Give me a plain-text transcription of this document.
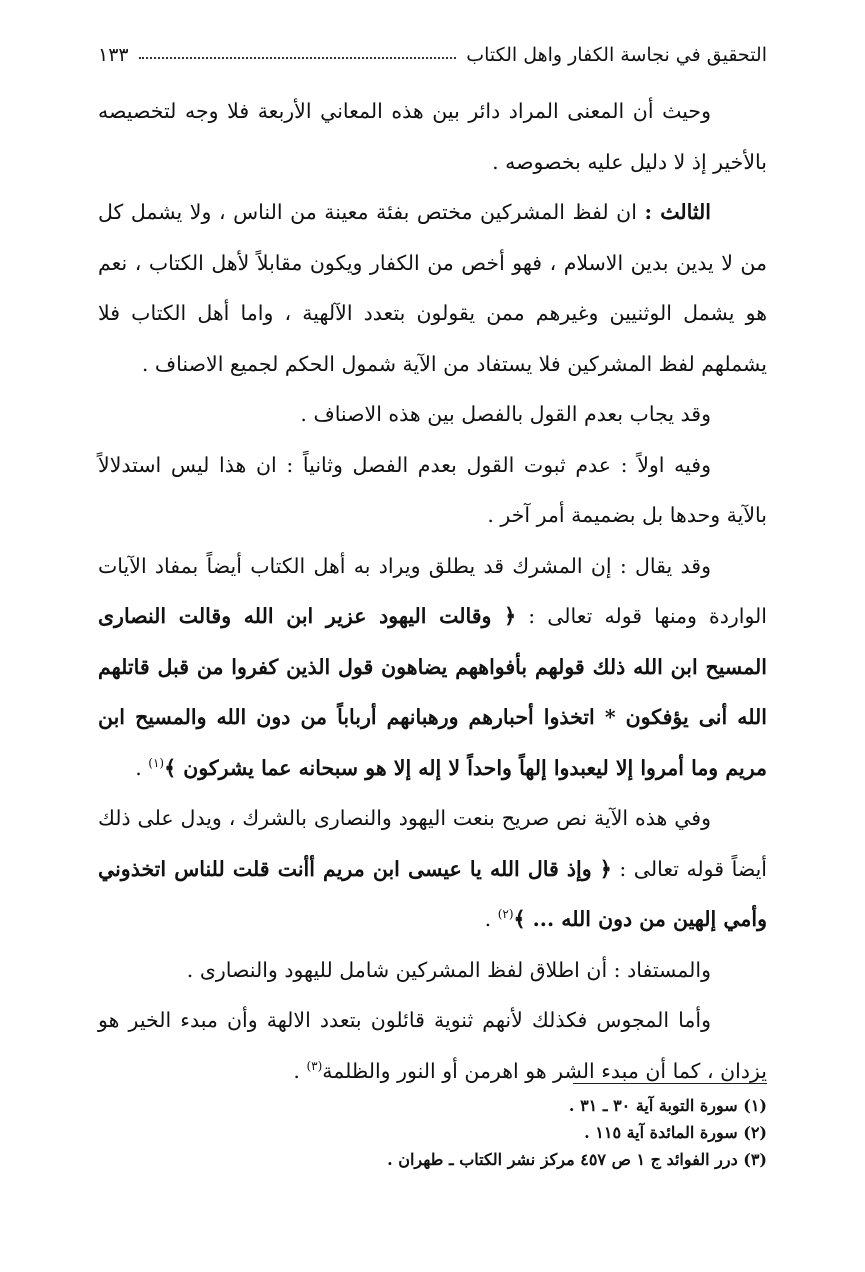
التحقيق في نجاسة الكفار واهل الكتاب
١٣٣

وحيث أن المعنى المراد دائر بين هذه المعاني الأربعة فلا وجه لتخصيصه بالأخير إذ لا دليل عليه بخصوصه .

الثالث : ان لفظ المشركين مختص بفئة معينة من الناس ، ولا يشمل كل من لا يدين بدين الاسلام ، فهو أخص من الكفار ويكون مقابلاً لأهل الكتاب ، نعم هو يشمل الوثنيين وغيرهم ممن يقولون بتعدد الآلهية ، واما أهل الكتاب فلا يشملهم لفظ المشركين فلا يستفاد من الآية شمول الحكم لجميع الاصناف .

وقد يجاب بعدم القول بالفصل بين هذه الاصناف .

وفيه اولاً : عدم ثبوت القول بعدم الفصل وثانياً : ان هذا ليس استدلالاً بالآية وحدها بل بضميمة أمر آخر .

وقد يقال : إن المشرك قد يطلق ويراد به أهل الكتاب أيضاً بمفاد الآيات الواردة ومنها قوله تعالى : ﴿ وقالت اليهود عزير ابن الله وقالت النصارى المسيح ابن الله ذلك قولهم بأفواههم يضاهون قول الذين كفروا من قبل قاتلهم الله أنى يؤفكون * اتخذوا أحبارهم ورهبانهم أرباباً من دون الله والمسيح ابن مريم وما أمروا إلا ليعبدوا إلهاً واحداً لا إله إلا هو سبحانه عما يشركون ﴾$^{(١)}$ .

وفي هذه الآية نص صريح بنعت اليهود والنصارى بالشرك ، ويدل على ذلك أيضاً قوله تعالى : ﴿ وإذ قال الله يا عيسى ابن مريم أأنت قلت للناس اتخذوني وأمي إلهين من دون الله ... ﴾$^{(٢)}$ .

والمستفاد : أن اطلاق لفظ المشركين شامل لليهود والنصارى .

وأما المجوس فكذلك لأنهم ثنوية قائلون بتعدد الالهة وأن مبدء الخير هو يزدان ، كما أن مبدء الشر هو اهرمن أو النور والظلمة$^{(٣)}$ .

(١) سورة التوبة آية ٣٠ ـ ٣١ .
(٢) سورة المائدة آية ١١٥ .
(٣) درر الفوائد ج ١ ص ٤٥٧ مركز نشر الكتاب ـ طهران .
